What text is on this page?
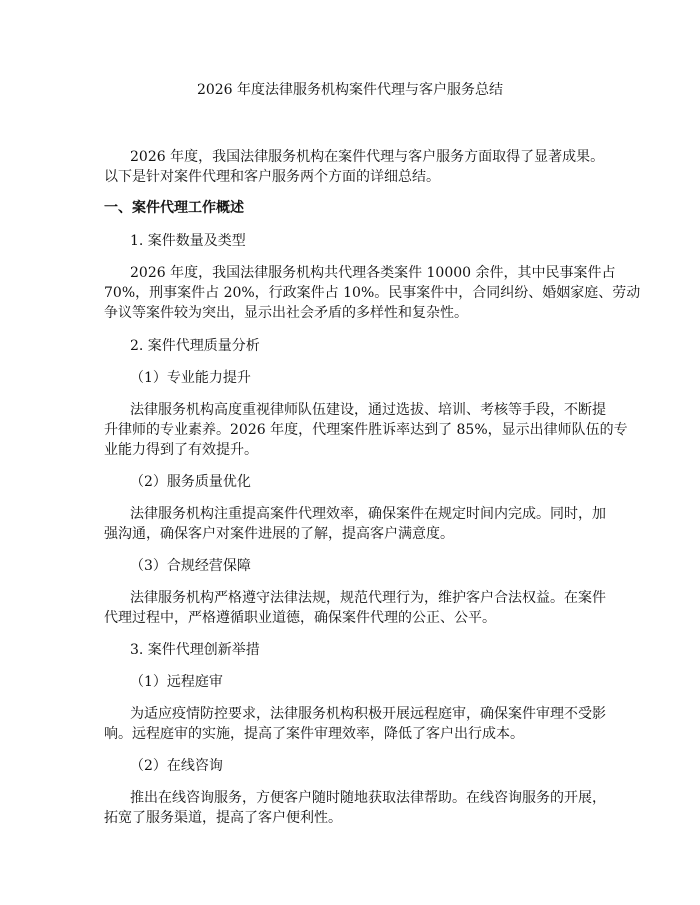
2026 年度法律服务机构案件代理与客户服务总结
2026 年度，我国法律服务机构在案件代理与客户服务方面取得了显著成果。
以下是针对案件代理和客户服务两个方面的详细总结。
一、案件代理工作概述
1. 案件数量及类型
2026 年度，我国法律服务机构共代理各类案件 10000 余件，其中民事案件占
70%，刑事案件占 20%，行政案件占 10%。民事案件中，合同纠纷、婚姻家庭、劳动
争议等案件较为突出，显示出社会矛盾的多样性和复杂性。
2. 案件代理质量分析
（1）专业能力提升
法律服务机构高度重视律师队伍建设，通过选拔、培训、考核等手段，不断提
升律师的专业素养。2026 年度，代理案件胜诉率达到了 85%，显示出律师队伍的专
业能力得到了有效提升。
（2）服务质量优化
法律服务机构注重提高案件代理效率，确保案件在规定时间内完成。同时，加
强沟通，确保客户对案件进展的了解，提高客户满意度。
（3）合规经营保障
法律服务机构严格遵守法律法规，规范代理行为，维护客户合法权益。在案件
代理过程中，严格遵循职业道德，确保案件代理的公正、公平。
3. 案件代理创新举措
（1）远程庭审
为适应疫情防控要求，法律服务机构积极开展远程庭审，确保案件审理不受影
响。远程庭审的实施，提高了案件审理效率，降低了客户出行成本。
（2）在线咨询
推出在线咨询服务，方便客户随时随地获取法律帮助。在线咨询服务的开展，
拓宽了服务渠道，提高了客户便利性。
